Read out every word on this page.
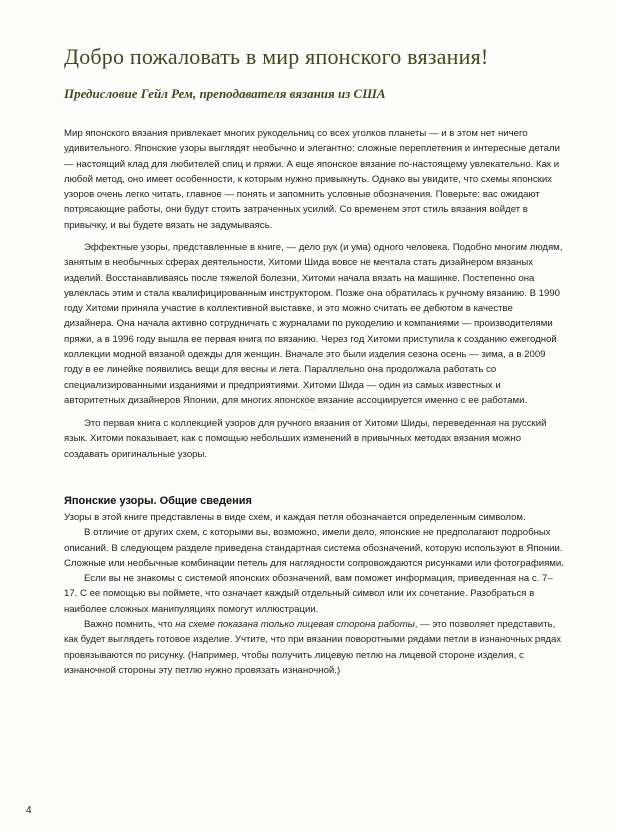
Добро пожаловать в мир японского вязания!
Предисловие Гейл Рем, преподавателя вязания из США

Мир японского вязания привлекает многих рукодельниц со всех уголков планеты — и в этом нет ничего удивительного. Японские узоры выглядят необычно и элегантно: сложные переплетения и интересные детали — настоящий клад для любителей спиц и пряжи. А еще японское вязание по-настоящему увлекательно. Как и любой метод, оно имеет особенности, к которым нужно привыкнуть. Однако вы увидите, что схемы японских узоров очень легко читать, главное — понять и запомнить условные обозначения. Поверьте: вас ожидают потрясающие работы, они будут стоить затраченных усилий. Со временем этот стиль вязания войдет в привычку, и вы будете вязать не задумываясь.

Эффектные узоры, представленные в книге, — дело рук (и ума) одного человека. Подобно многим людям, занятым в необычных сферах деятельности, Хитоми Шида вовсе не мечтала стать дизайнером вязаных изделий. Восстанавливаясь после тяжелой болезни, Хитоми начала вязать на машинке. Постепенно она увлеклась этим и стала квалифицированным инструктором. Позже она обратилась к ручному вязанию. В 1990 году Хитоми приняла участие в коллективной выставке, и это можно считать ее дебютом в качестве дизайнера. Она начала активно сотрудничать с журналами по рукоделию и компаниями — производителями пряжи, а в 1996 году вышла ее первая книга по вязанию. Через год Хитоми приступила к созданию ежегодной коллекции модной вязаной одежды для женщин. Вначале это были изделия сезона осень — зима, а в 2009 году в ее линейке появились вещи для весны и лета. Параллельно она продолжала работать со специализированными изданиями и предприятиями. Хитоми Шида — один из самых известных и авторитетных дизайнеров Японии, для многих японское вязание ассоциируется именно с ее работами.

Это первая книга с коллекцией узоров для ручного вязания от Хитоми Шиды, переведенная на русский язык. Хитоми показывает, как с помощью небольших изменений в привычных методах вязания можно создавать оригинальные узоры.

Японские узоры. Общие сведения

Узоры в этой книге представлены в виде схем, и каждая петля обозначается определенным символом.

В отличие от других схем, с которыми вы, возможно, имели дело, японские не предполагают подробных описаний. В следующем разделе приведена стандартная система обозначений, которую используют в Японии. Сложные или необычные комбинации петель для наглядности сопровождаются рисунками или фотографиями.

Если вы не знакомы с системой японских обозначений, вам поможет информация, приведенная на с. 7–17. С ее помощью вы поймете, что означает каждый отдельный символ или их сочетание. Разобраться в наиболее сложных манипуляциях помогут иллюстрации.

Важно помнить, что на схеме показана только лицевая сторона работы, — это позволяет представить, как будет выглядеть готовое изделие. Учтите, что при вязании поворотными рядами петли в изнаночных рядах провязываются по рисунку. (Например, чтобы получить лицевую петлю на лицевой стороне изделия, с изнаночной стороны эту петлю нужно провязать изнаночной.)

4
